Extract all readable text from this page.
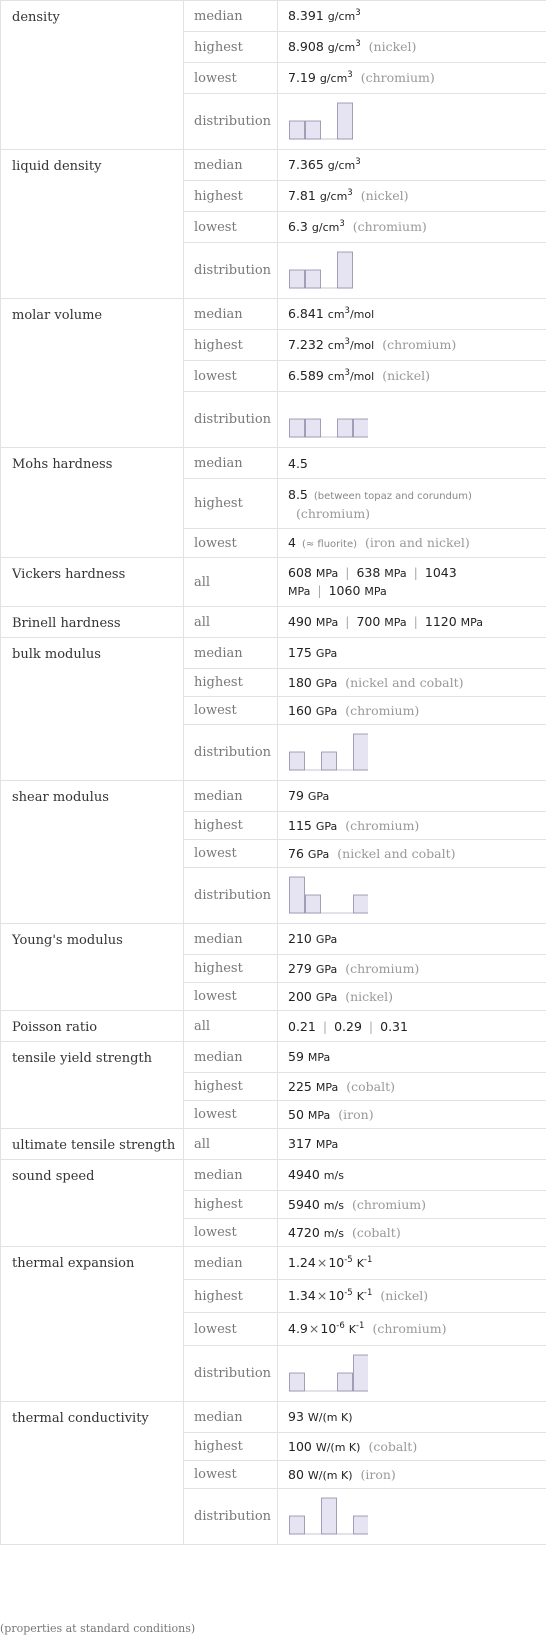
density	median	8.391 $g/cm^3$
	highest	8.908 $g/cm^3$ (nickel)
	lowest	7.19 $g/cm^3$ (chromium)
	distribution	

liquid density	median	7.365 $g/cm^3$
	highest	7.81 $g/cm^3$ (nickel)
	lowest	6.3 $g/cm^3$ (chromium)
	distribution	

molar volume	median	6.841 $cm^3$/mol
	highest	7.232 $cm^3$/mol (chromium)
	lowest	6.589 $cm^3$/mol (nickel)
	distribution	

Mohs hardness	median	4.5
	highest	8.5 (between topaz and corundum)
(chromium)
	lowest	4 (≈ fluorite) (iron and nickel)
Vickers hardness	all	608 MPa | 638 MPa | 1043
MPa | 1060 MPa
Brinell hardness	all	490 MPa | 700 MPa | 1120 MPa
bulk modulus	median	175 GPa
	highest	180 GPa (nickel and cobalt)
	lowest	160 GPa (chromium)
	distribution	

shear modulus	median	79 GPa
	highest	115 GPa (chromium)
	lowest	76 GPa (nickel and cobalt)
	distribution	

Young's modulus	median	210 GPa
	highest	279 GPa (chromium)
	lowest	200 GPa (nickel)
Poisson ratio	all	0.21 | 0.29 | 0.31
tensile yield strength	median	59 MPa
	highest	225 MPa (cobalt)
	lowest	50 MPa (iron)
ultimate tensile strength	all	317 MPa
sound speed	median	4940 m/s
	highest	5940 m/s (chromium)
	lowest	4720 m/s (cobalt)
thermal expansion	median	$1.24\times 10^{-5}$ $K^{-1}$
	highest	$1.34\times 10^{-5}$ $K^{-1}$ (nickel)
	lowest	$4.9\times 10^{-6}$ $K^{-1}$ (chromium)
	distribution	

thermal conductivity	median	93 W/(m K)
	highest	100 W/(m K) (cobalt)
	lowest	80 W/(m K) (iron)
	distribution	
(properties at standard conditions)
